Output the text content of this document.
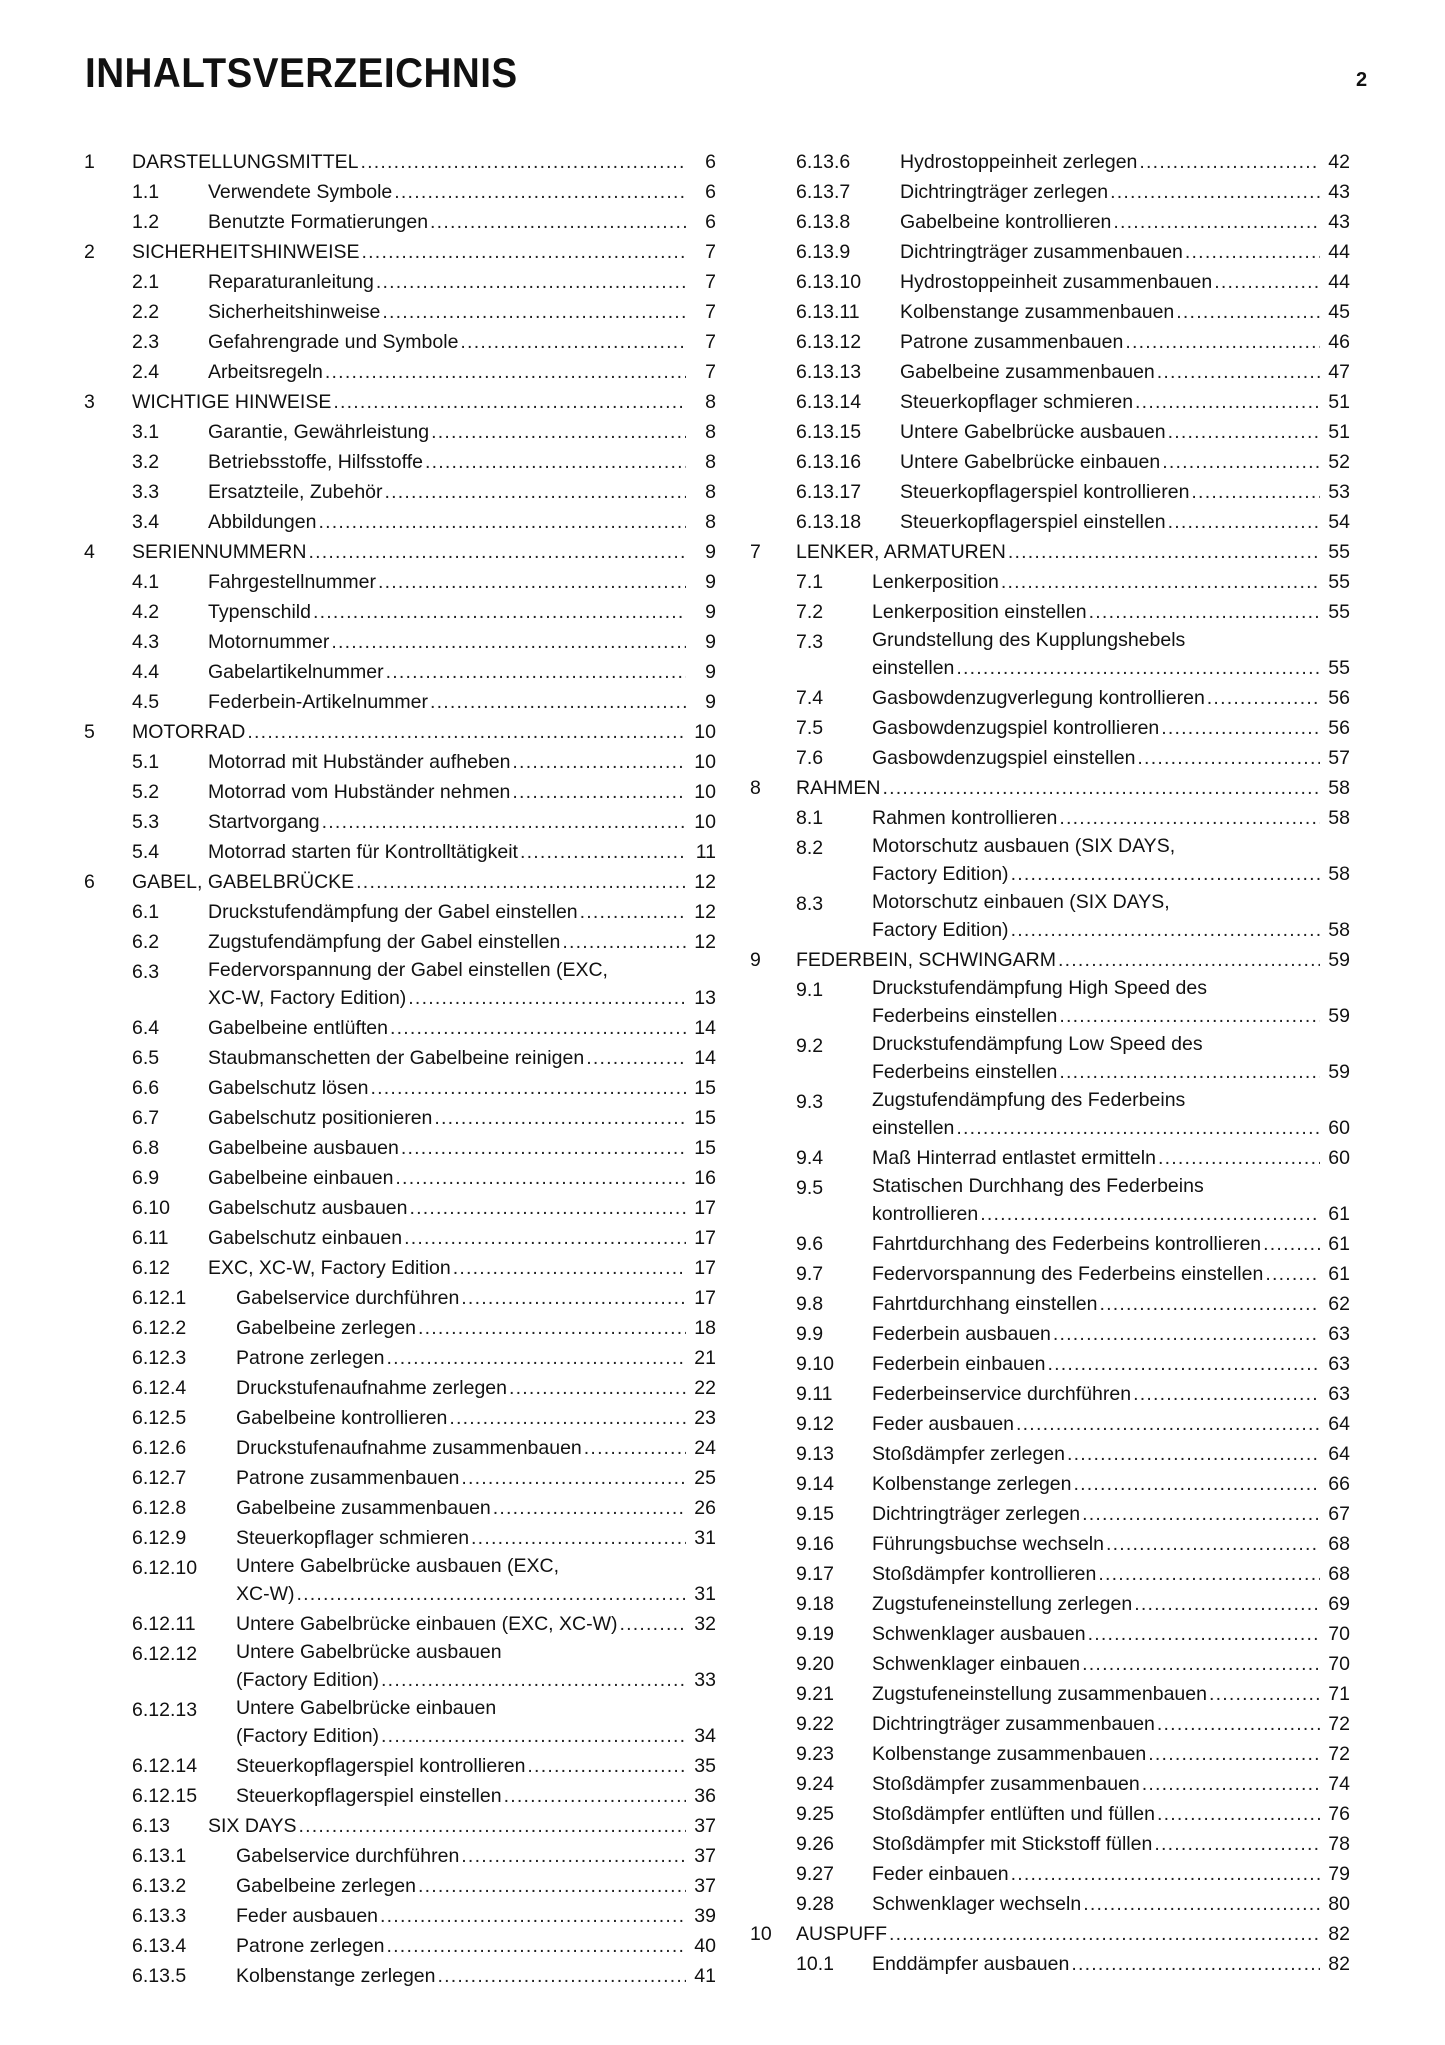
INHALTSVERZEICHNIS	2
1 DARSTELLUNGSMITTEL . . .	6
1.1	Verwendete Symbole . . .	6
1.2	Benutzte Formatierungen . . .	6
2 SICHERHEITSHINWEISE . . .	7
2.1	Reparaturanleitung . . .	7
2.2	Sicherheitshinweise . . .	7
2.3	Gefahrengrade und Symbole . . .	7
2.4	Arbeitsregeln . . .	7
3 WICHTIGE HINWEISE . . .	8
3.1	Garantie, Gewährleistung . . .	8
3.2	Betriebsstoffe, Hilfsstoffe . . .	8
3.3	Ersatzteile, Zubehör . . .	8
3.4	Abbildungen . . .	8
4 SERIENNUMMERN . . .	9
4.1	Fahrgestellnummer . . .	9
4.2	Typenschild . . .	9
4.3	Motornummer . . .	9
4.4	Gabelartikelnummer . . .	9
4.5	Federbein-Artikelnummer . . .	9
5 MOTORRAD . . .	10
5.1	Motorrad mit Hubständer aufheben . . .	10
5.2	Motorrad vom Hubständer nehmen . . .	10
5.3	Startvorgang . . .	10
5.4	Motorrad starten für Kontrolltätigkeit . . .	11
6 GABEL, GABELBRÜCKE . . .	12
6.1	Druckstufendämpfung der Gabel einstellen . . .	12
6.2	Zugstufendämpfung der Gabel einstellen . . .	12
6.3	Federvorspannung der Gabel einstellen (EXC,
XC-W, Factory Edition) . . .	13
6.4	Gabelbeine entlüften . . .	14
6.5	Staubmanschetten der Gabelbeine reinigen . . .	14
6.6	Gabelschutz lösen . . .	15
6.7	Gabelschutz positionieren . . .	15
6.8	Gabelbeine ausbauen . . .	15
6.9	Gabelbeine einbauen . . .	16
6.10 Gabelschutz ausbauen . . .	17
6.11 Gabelschutz einbauen . . .	17
6.12 EXC, XC-W, Factory Edition . . .	17
6.12.1	Gabelservice durchführen . . .	17
6.12.2	Gabelbeine zerlegen . . .	18
6.12.3	Patrone zerlegen . . .	21
6.12.4	Druckstufenaufnahme zerlegen . . .	22
6.12.5	Gabelbeine kontrollieren . . .	23
6.12.6	Druckstufenaufnahme zusammenbauen . . .	24
6.12.7	Patrone zusammenbauen . . .	25
6.12.8	Gabelbeine zusammenbauen . . .	26
6.12.9	Steuerkopflager schmieren . . .	31
6.12.10 Untere Gabelbrücke ausbauen (EXC,
XC-W) . . .	31
6.12.11 Untere Gabelbrücke einbauen (EXC, XC-W) . . .	32
6.12.12 Untere Gabelbrücke ausbauen
(Factory Edition) . . .	33
6.12.13 Untere Gabelbrücke einbauen
(Factory Edition) . . .	34
6.12.14 Steuerkopflagerspiel kontrollieren . . .	35
6.12.15 Steuerkopflagerspiel einstellen . . .	36
6.13 SIX DAYS . . .	37
6.13.1	Gabelservice durchführen . . .	37
6.13.2	Gabelbeine zerlegen . . .	37
6.13.3	Feder ausbauen . . .	39
6.13.4	Patrone zerlegen . . .	40
6.13.5	Kolbenstange zerlegen . . .	41
6.13.6	Hydrostoppeinheit zerlegen . . .	42
6.13.7	Dichtringträger zerlegen . . .	43
6.13.8	Gabelbeine kontrollieren . . .	43
6.13.9	Dichtringträger zusammenbauen . . .	44
6.13.10 Hydrostoppeinheit zusammenbauen . . .	44
6.13.11 Kolbenstange zusammenbauen . . .	45
6.13.12 Patrone zusammenbauen . . .	46
6.13.13 Gabelbeine zusammenbauen . . .	47
6.13.14 Steuerkopflager schmieren . . .	51
6.13.15 Untere Gabelbrücke ausbauen . . .	51
6.13.16 Untere Gabelbrücke einbauen . . .	52
6.13.17 Steuerkopflagerspiel kontrollieren . . .	53
6.13.18 Steuerkopflagerspiel einstellen . . .	54
7 LENKER, ARMATUREN . . .	55
7.1	Lenkerposition . . .	55
7.2	Lenkerposition einstellen . . .	55
7.3	Grundstellung des Kupplungshebels
einstellen . . .	55
7.4	Gasbowdenzugverlegung kontrollieren . . .	56
7.5	Gasbowdenzugspiel kontrollieren . . .	56
7.6	Gasbowdenzugspiel einstellen . . .	57
8 RAHMEN . . .	58
8.1	Rahmen kontrollieren . . .	58
8.2	Motorschutz ausbauen (SIX DAYS,
Factory Edition) . . .	58
8.3	Motorschutz einbauen (SIX DAYS,
Factory Edition) . . .	58
9 FEDERBEIN, SCHWINGARM . . .	59
9.1	Druckstufendämpfung High Speed des
Federbeins einstellen . . .	59
9.2	Druckstufendämpfung Low Speed des
Federbeins einstellen . . .	59
9.3	Zugstufendämpfung des Federbeins
einstellen . . .	60
9.4	Maß Hinterrad entlastet ermitteln . . .	60
9.5	Statischen Durchhang des Federbeins
kontrollieren . . .	61
9.6	Fahrtdurchhang des Federbeins kontrollieren . . .	61
9.7	Federvorspannung des Federbeins einstellen . . .	61
9.8	Fahrtdurchhang einstellen . . .	62
9.9	Federbein ausbauen . . .	63
9.10 Federbein einbauen . . .	63
9.11 Federbeinservice durchführen . . .	63
9.12 Feder ausbauen . . .	64
9.13 Stoßdämpfer zerlegen . . .	64
9.14 Kolbenstange zerlegen . . .	66
9.15 Dichtringträger zerlegen . . .	67
9.16 Führungsbuchse wechseln . . .	68
9.17 Stoßdämpfer kontrollieren . . .	68
9.18 Zugstufeneinstellung zerlegen . . .	69
9.19 Schwenklager ausbauen . . .	70
9.20 Schwenklager einbauen . . .	70
9.21 Zugstufeneinstellung zusammenbauen . . .	71
9.22 Dichtringträger zusammenbauen . . .	72
9.23 Kolbenstange zusammenbauen . . .	72
9.24 Stoßdämpfer zusammenbauen . . .	74
9.25 Stoßdämpfer entlüften und füllen . . .	76
9.26 Stoßdämpfer mit Stickstoff füllen . . .	78
9.27 Feder einbauen . . .	79
9.28 Schwenklager wechseln . . .	80
10 AUSPUFF . . .	82
10.1 Enddämpfer ausbauen . . .	82
